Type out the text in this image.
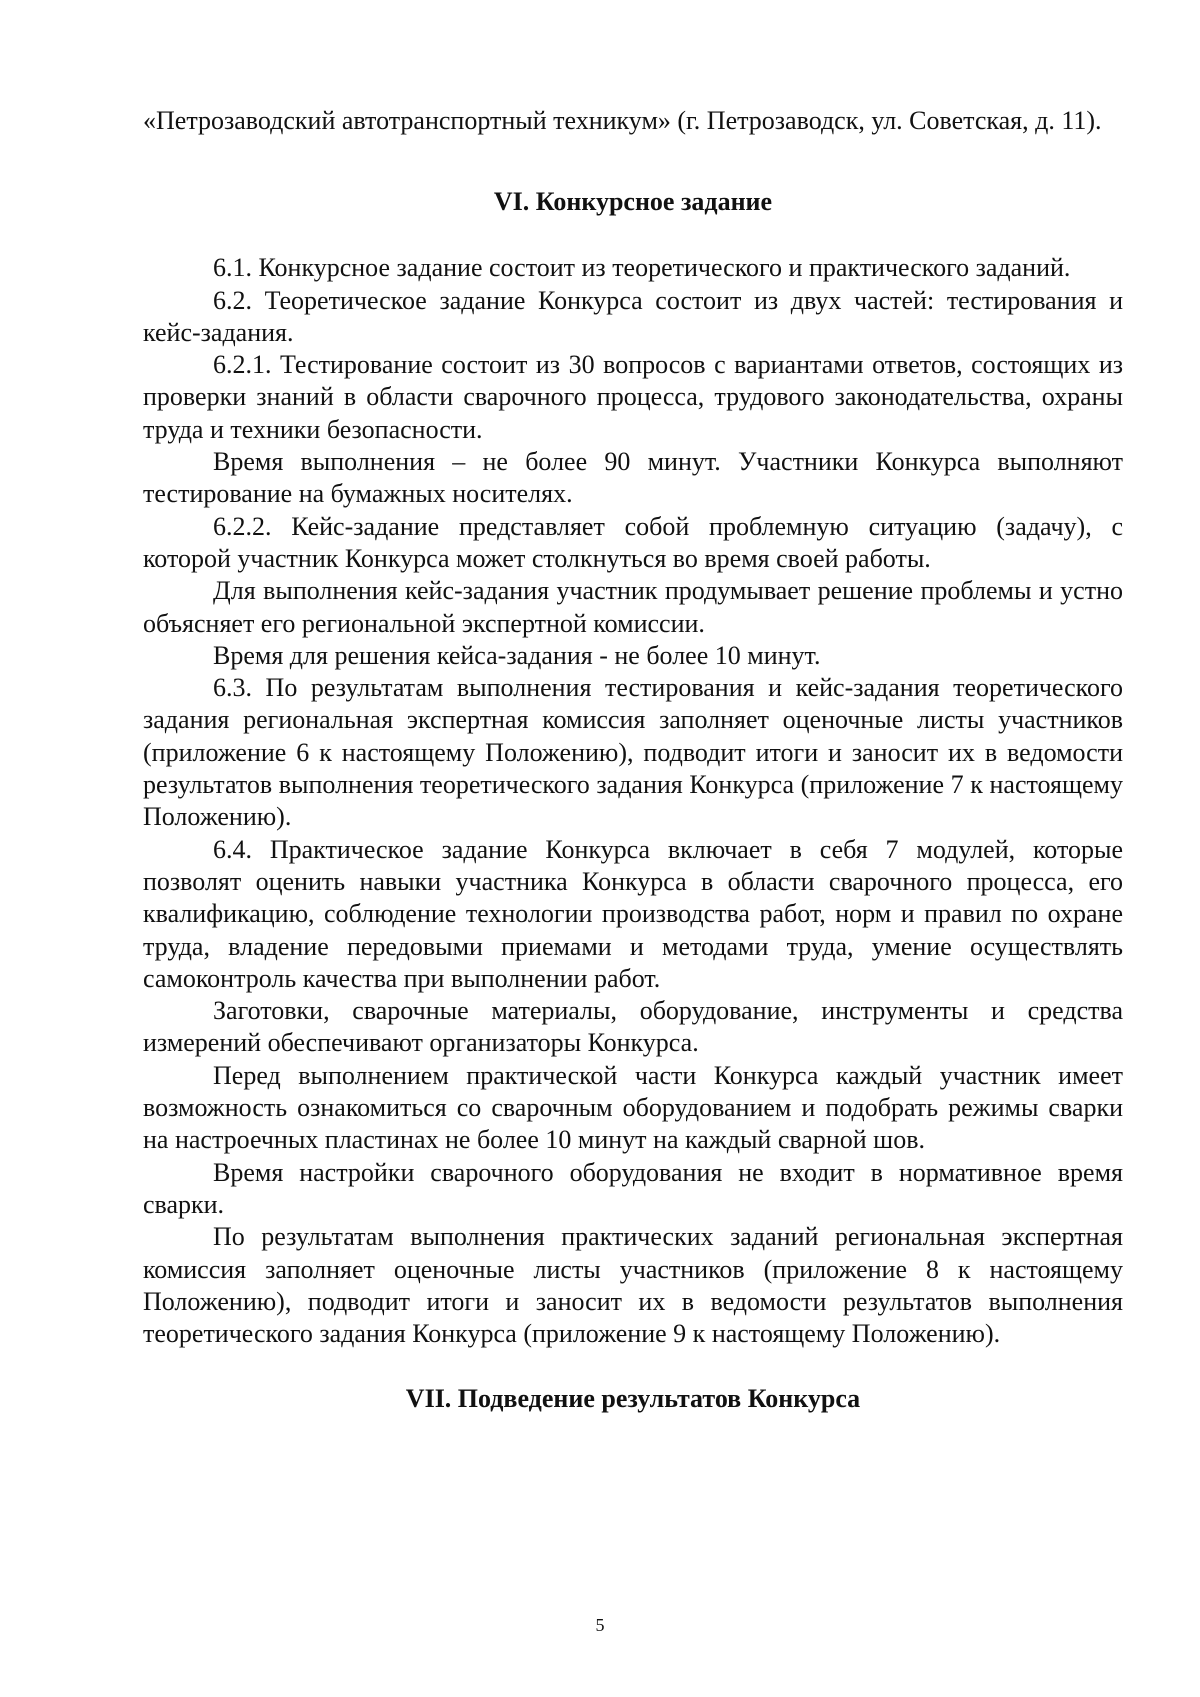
«Петрозаводский автотранспортный техникум» (г. Петрозаводск, ул. Советская, д. 11).

VI. Конкурсное задание

6.1. Конкурсное задание состоит из теоретического и практического заданий.

6.2. Теоретическое задание Конкурса состоит из двух частей: тестирования и кейс-задания.

6.2.1. Тестирование состоит из 30 вопросов с вариантами ответов, состоящих из проверки знаний в области сварочного процесса, трудового законодательства, охраны труда и техники безопасности.

Время выполнения – не более 90 минут. Участники Конкурса выполняют тестирование на бумажных носителях.

6.2.2. Кейс-задание представляет собой проблемную ситуацию (задачу), с которой участник Конкурса может столкнуться во время своей работы.

Для выполнения кейс-задания участник продумывает решение проблемы и устно объясняет его региональной экспертной комиссии.

Время для решения кейса-задания - не более 10 минут.

6.3. По результатам выполнения тестирования и кейс-задания теоретического задания региональная экспертная комиссия заполняет оценочные листы участников (приложение 6 к настоящему Положению), подводит итоги и заносит их в ведомости результатов выполнения теоретического задания Конкурса (приложение 7 к настоящему Положению).

6.4. Практическое задание Конкурса включает в себя 7 модулей, которые позволят оценить навыки участника Конкурса в области сварочного процесса, его квалификацию, соблюдение технологии производства работ, норм и правил по охране труда, владение передовыми приемами и методами труда, умение осуществлять самоконтроль качества при выполнении работ.

Заготовки, сварочные материалы, оборудование, инструменты и средства измерений обеспечивают организаторы Конкурса.

Перед выполнением практической части Конкурса каждый участник имеет возможность ознакомиться со сварочным оборудованием и подобрать режимы сварки на настроечных пластинах не более 10 минут на каждый сварной шов.

Время настройки сварочного оборудования не входит в нормативное время сварки.

По результатам выполнения практических заданий региональная экспертная комиссия заполняет оценочные листы участников (приложение 8 к настоящему Положению), подводит итоги и заносит их в ведомости результатов выполнения теоретического задания Конкурса (приложение 9 к настоящему Положению).

VII. Подведение результатов Конкурса
5
